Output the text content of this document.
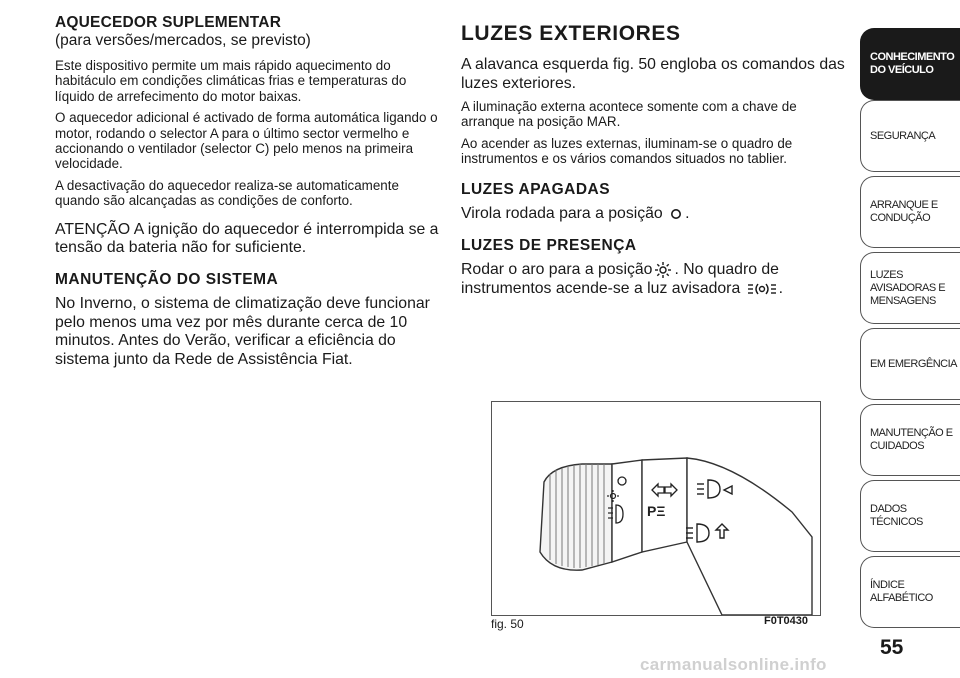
AQUECEDOR SUPLEMENTAR

(para versões/mercados, se previsto)

Este dispositivo permite um mais rápido aquecimento do habitáculo em condições climáticas frias e temperaturas do líquido de arrefecimento do motor baixas.

O aquecedor adicional é activado de forma automática ligando o motor, rodando o selector A para o último sector vermelho e accionando o ventilador (selector C) pelo menos na primeira velocidade.

A desactivação do aquecedor realiza-se automaticamente quando são alcançadas as condições de conforto.

ATENÇÃO A ignição do aquecedor é interrompida se a tensão da bateria não for suficiente.

MANUTENÇÃO DO SISTEMA

No Inverno, o sistema de climatização deve funcionar pelo menos uma vez por mês durante cerca de 10 minutos. Antes do Verão, verificar a eficiência do sistema junto da Rede de Assistência Fiat.

LUZES EXTERIORES

A alavanca esquerda fig. 50 engloba os comandos das luzes exteriores.

A iluminação externa acontece somente com a chave de arranque na posição MAR.

Ao acender as luzes externas, iluminam-se o quadro de instrumentos e os vários comandos situados no tablier.

LUZES APAGADAS

Virola rodada para a posição .

LUZES DE PRESENÇA

Rodar o aro para a posição . No quadro de
instrumentos acende-se a luz avisadora .

PΞ
fig. 50	F0T0430
CONHECIMENTO DO VEÍCULO
SEGURANÇA
ARRANQUE E CONDUÇÃO
LUZES AVISADORAS E MENSAGENS
EM EMERGÊNCIA
MANUTENÇÃO E CUIDADOS
DADOS TÉCNICOS
ÍNDICE ALFABÉTICO
55
carmanualsonline.info
